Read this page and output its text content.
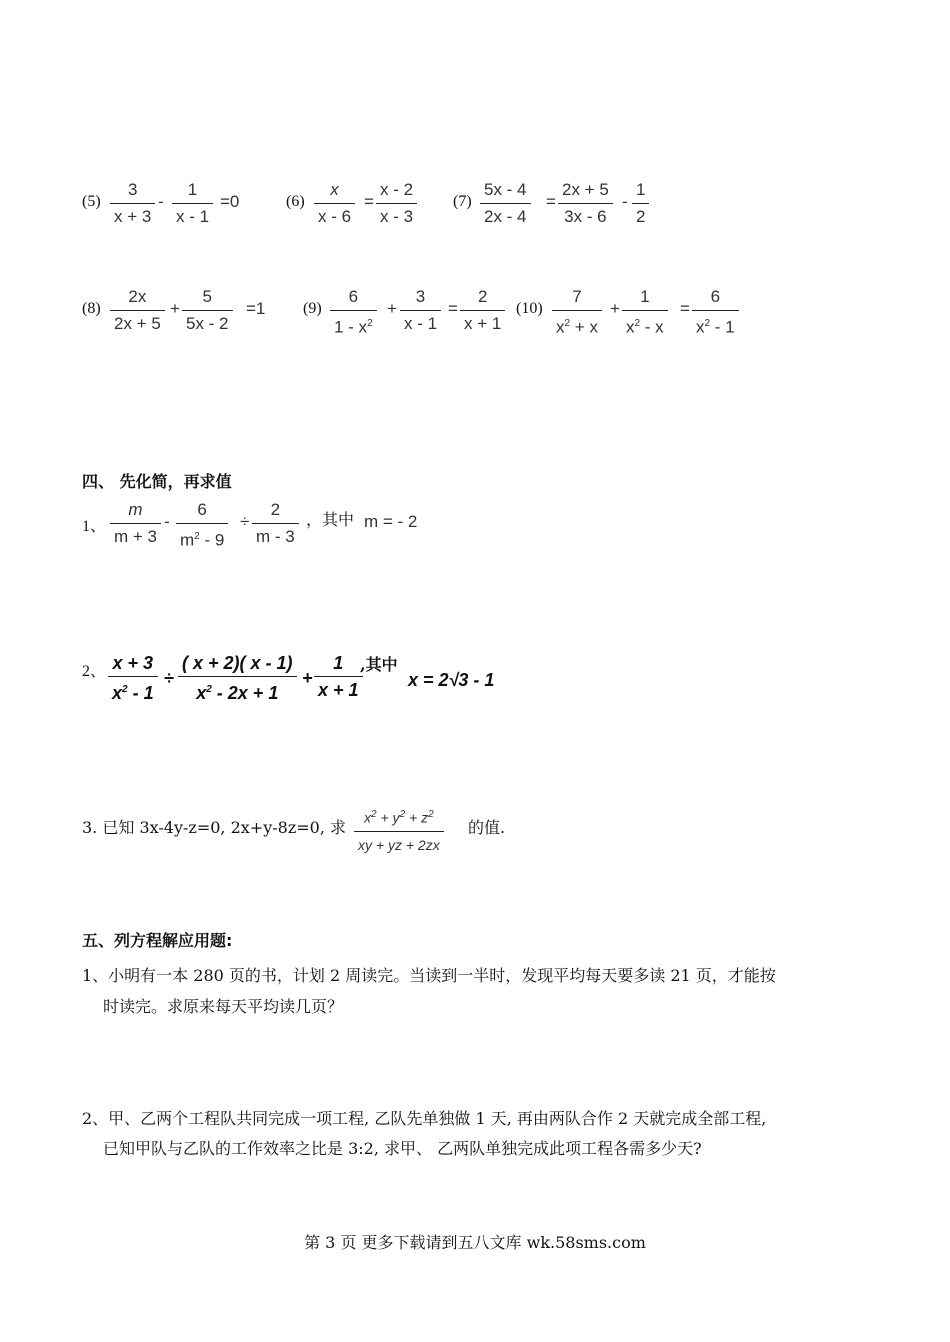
(5)
3
x + 3
-
1
x - 1
=0	(6)
x
x - 6
=
x - 2
x - 3
(7)
5x - 4
2x - 4
=
2x + 5
3x - 6
-
1
2
(8)
2x
2x + 5
+
5
5x - 2
=1 (9)
6
$1 - x^2$
+
3
x - 1
=
2
x + 1
(10)
7
$x^2 + x$
+
1
$x^2$ - x
=
6
$x^2 - 1$
四、 先化简，再求值
1、
m
m + 3
-
6
$m^2 - 9$
÷
2
m - 3
，其中 m = - 2
2、 x + 3
$x^2 - 1$
÷
( x + 2)( x - 1)
$x^2 - 2x + 1$
+
1
x + 1
,其中
x = 2√3 - 1
3. 已知 3x-4y-z=0, 2x+y-8z=0, 求
$x^2 + y^2 + z^2$
xy + yz + 2zx
的值.
五、列方程解应用题:
1、小明有一本 280 页的书，计划 2 周读完。当读到一半时，发现平均每天要多读 21 页，才能按
时读完。求原来每天平均读几页？
2、甲、乙两个工程队共同完成一项工程, 乙队先单独做 1 天, 再由两队合作 2 天就完成全部工程,
已知甲队与乙队的工作效率之比是 3:2, 求甲、 乙两队单独完成此项工程各需多少天?
第 3 页 更多下载请到五八文库 wk.58sms.com
